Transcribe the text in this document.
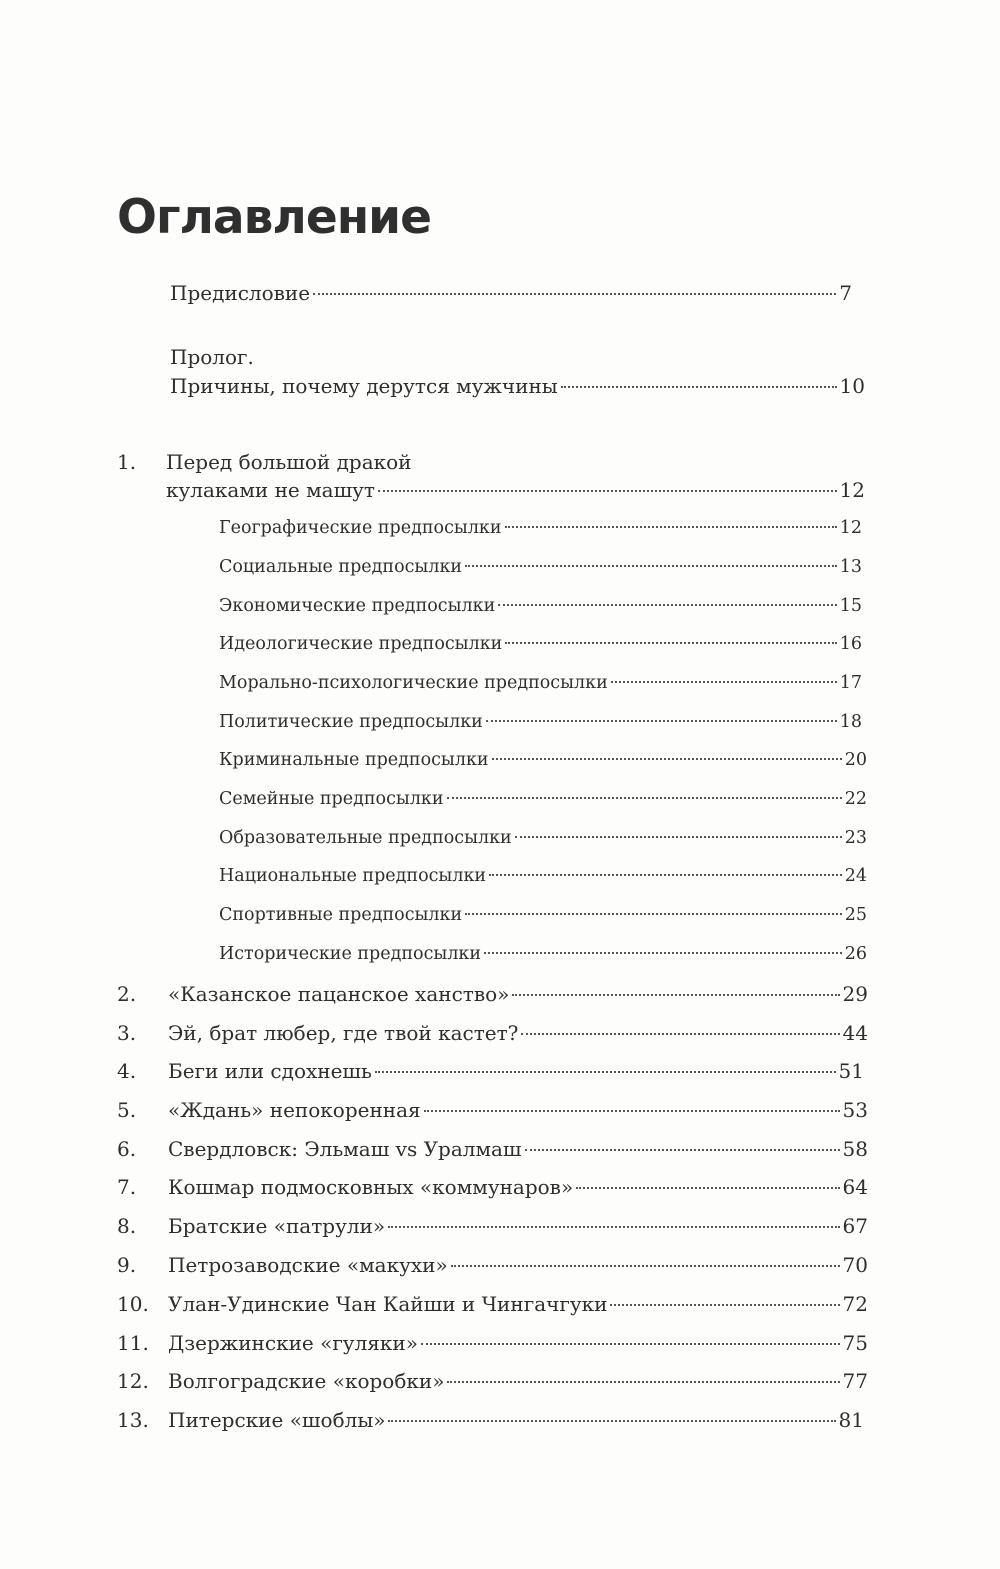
Оглавление
Предисловие	7
Пролог.
Причины, почему дерутся мужчины	10
1. Перед большой дракой
кулаками не машут	12
Географические предпосылки	12
Социальные предпосылки	13
Экономические предпосылки	15
Идеологические предпосылки	16
Морально-психологические предпосылки	17
Политические предпосылки	18
Криминальные предпосылки	20
Семейные предпосылки	22
Образовательные предпосылки	23
Национальные предпосылки	24
Спортивные предпосылки	25
Исторические предпосылки	26
2. «Казанское пацанское ханство»	29
3. Эй, брат любер, где твой кастет?	44
4. Беги или сдохнешь	51
5. «Ждань» непокоренная	53
6. Свердловск: Эльмаш vs Уралмаш	58
7. Кошмар подмосковных «коммунаров»	64
8. Братские «патрули»	67
9. Петрозаводские «макухи»	70
10. Улан-Удинские Чан Кайши и Чингачгуки	72
11. Дзержинские «гуляки»	75
12. Волгоградские «коробки»	77
13. Питерские «шоблы»	81
